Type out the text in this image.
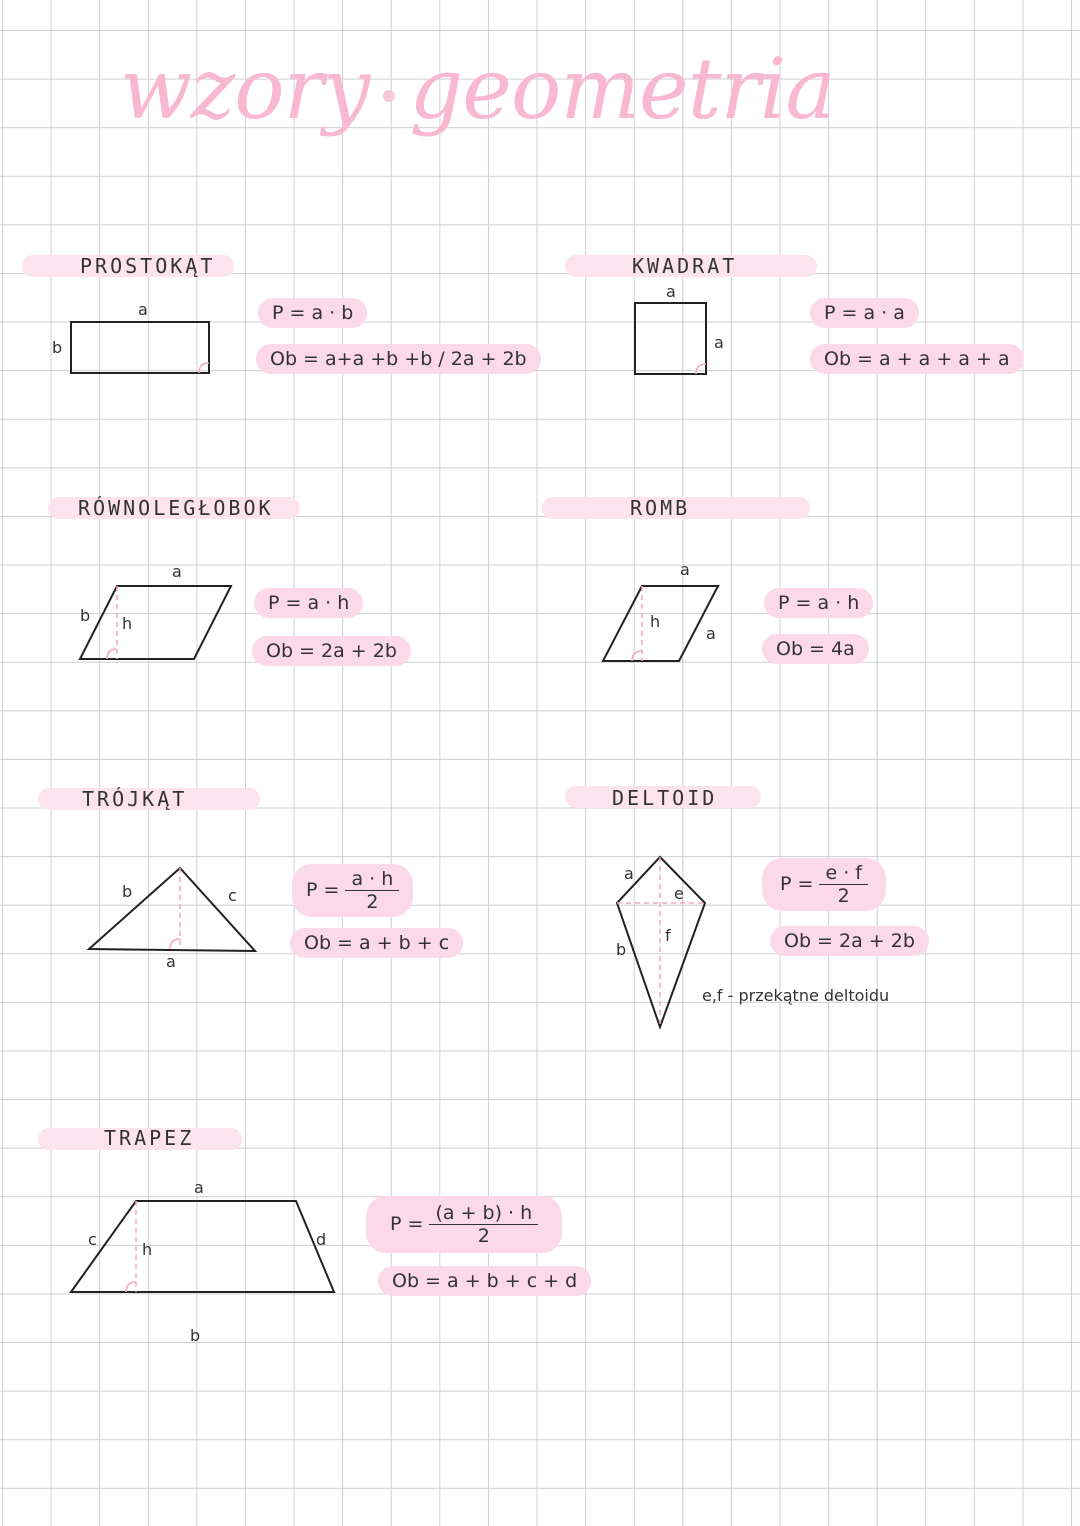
wzory geometria
PROSTOKĄT	KWADRAT
RÓWNOLEGŁOBOK	ROMB
TRÓJKĄT	DELTOID
TRAPEZ
a
b
a
a
a
b h
a
a
h
b	c
a
a
b
e
f
a
b
c	d
h
P = a · b
Ob = a+a +b +b / 2a + 2b
P = a · a
Ob = a + a + a + a
P = a · h
Ob = 2a + 2b
P = a · h
Ob = 4a
$P = \frac{a \cdot h}{2}$
Ob = a + b + c
$P = \frac{e \cdot f}{2}$
Ob = 2a + 2b
e,f - przekątne deltoidu
$P = \frac{(a + b) \cdot h}{2}$
Ob = a + b + c + d
